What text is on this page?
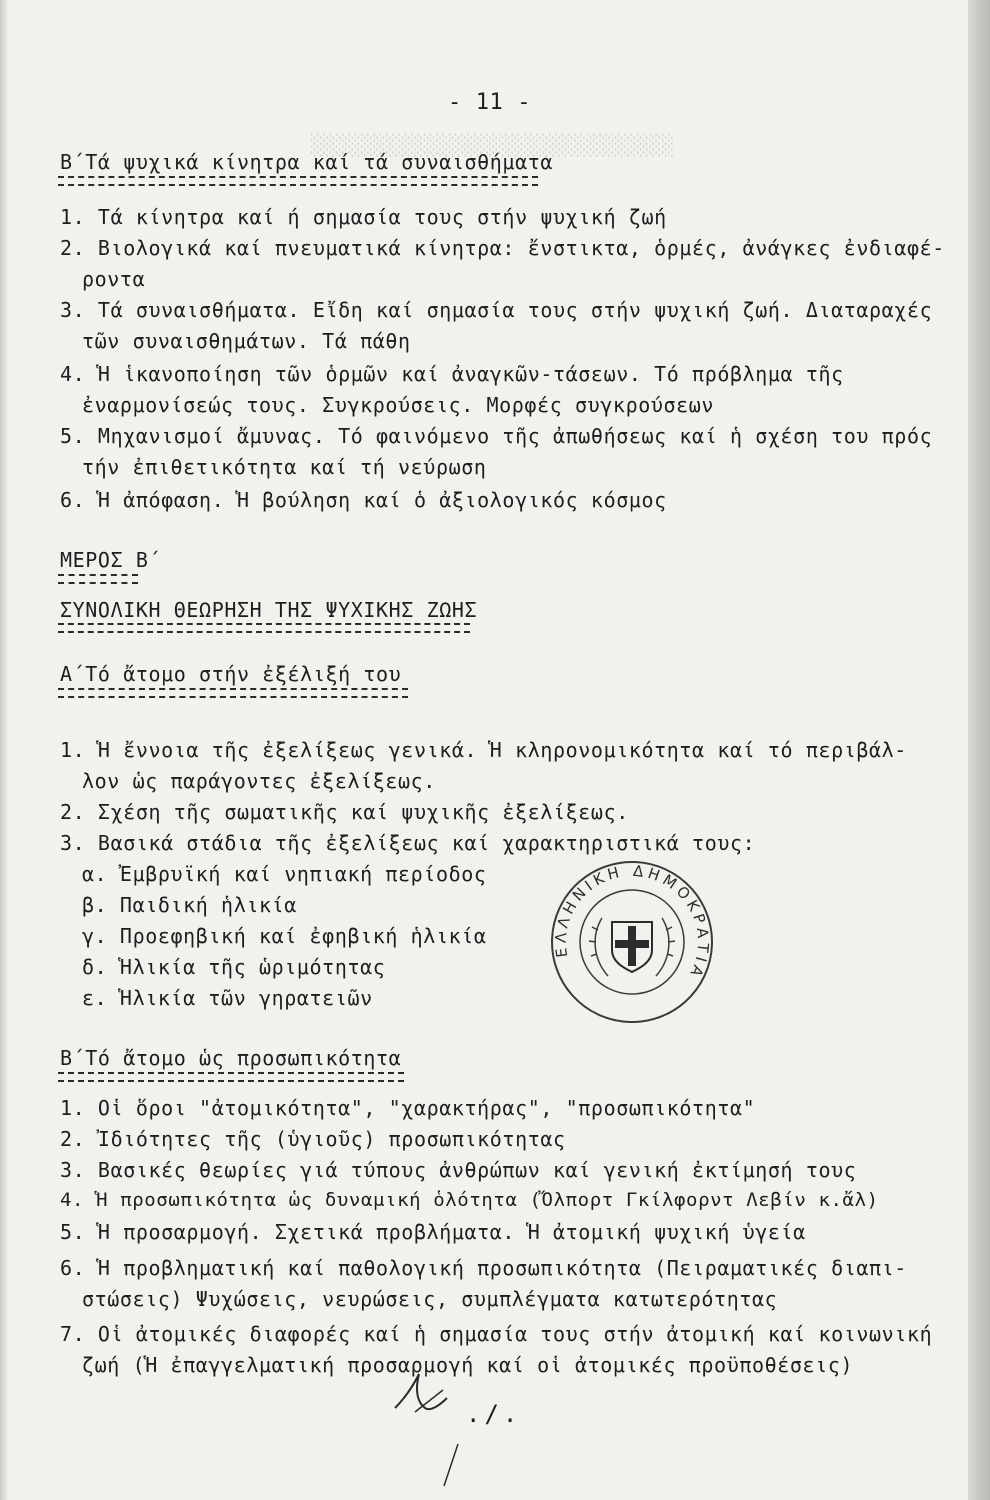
░░░░░░░░░░░░░░░░░░░░░░░░░░░░░
- 11 -
Β΄Τά ψυχικά κίνητρα καί τά συναισθήματα
1. Τά κίνητρα καί ή σημασία τους στήν ψυχική ζωή
2. Βιολογικά καί πνευματικά κίνητρα: ἔνστικτα, ὁρμές, ἀνάγκες ἐνδιαφέ-
ροντα
3. Τά συναισθήματα. Εἴδη καί σημασία τους στήν ψυχική ζωή. Διαταραχές
τῶν συναισθημάτων. Τά πάθη
4. Ἡ ἱκανοποίηση τῶν ὁρμῶν καί ἀναγκῶν-τάσεων. Τό πρόβλημα τῆς
ἐναρμονίσεώς τους. Συγκρούσεις. Μορφές συγκρούσεων
5. Μηχανισμοί ἄμυνας. Τό φαινόμενο τῆς ἀπωθήσεως καί ἡ σχέση του πρός
τήν ἐπιθετικότητα καί τή νεύρωση
6. Ἡ ἀπόφαση. Ἡ βούληση καί ὁ ἀξιολογικός κόσμος
ΜΕΡΟΣ Β΄
ΣΥΝΟΛΙΚΗ ΘΕΩΡΗΣΗ ΤΗΣ ΨΥΧΙΚΗΣ ΖΩΗΣ
Α΄Τό ἄτομο στήν ἐξέλιξή του
1. Ἡ ἔννοια τῆς ἐξελίξεως γενικά. Ἡ κληρονομικότητα καί τό περιβάλ-
λον ὡς παράγοντες ἐξελίξεως.
2. Σχέση τῆς σωματικῆς καί ψυχικῆς ἐξελίξεως.
3. Βασικά στάδια τῆς ἐξελίξεως καί χαρακτηριστικά τους:
α. Ἐμβρυϊκή καί νηπιακή περίοδος
β. Παιδική ἡλικία
γ. Προεφηβική καί ἐφηβική ἡλικία
δ. Ἡλικία τῆς ὡριμότητας
ε. Ἡλικία τῶν γηρατειῶν
Β΄Τό ἄτομο ὡς προσωπικότητα
1. Οἱ ὅροι "ἀτομικότητα", "χαρακτήρας", "προσωπικότητα"
2. Ἰδιότητες τῆς (ὑγιοῦς) προσωπικότητας
3. Βασικές θεωρίες γιά τύπους ἀνθρώπων καί γενική ἐκτίμησή τους
4. Ἡ προσωπικότητα ὡς δυναμική ὁλότητα (Ὄλπορτ Γκίλφορντ Λεβίν κ.ἄλ)
5. Ἡ προσαρμογή. Σχετικά προβλήματα. Ἡ ἀτομική ψυχική ὑγεία
6. Ἡ προβληματική καί παθολογική προσωπικότητα (Πειραματικές διαπι-
στώσεις) Ψυχώσεις, νευρώσεις, συμπλέγματα κατωτερότητας
7. Οἱ ἀτομικές διαφορές καί ἡ σημασία τους στήν ἀτομική καί κοινωνική
ζωή (Ἡ ἐπαγγελματική προσαρμογή καί οἱ ἀτομικές προϋποθέσεις)
./.
ΕΛΛΗΝΙΚΗ ΔΗΜΟΚΡΑΤΙΑ
